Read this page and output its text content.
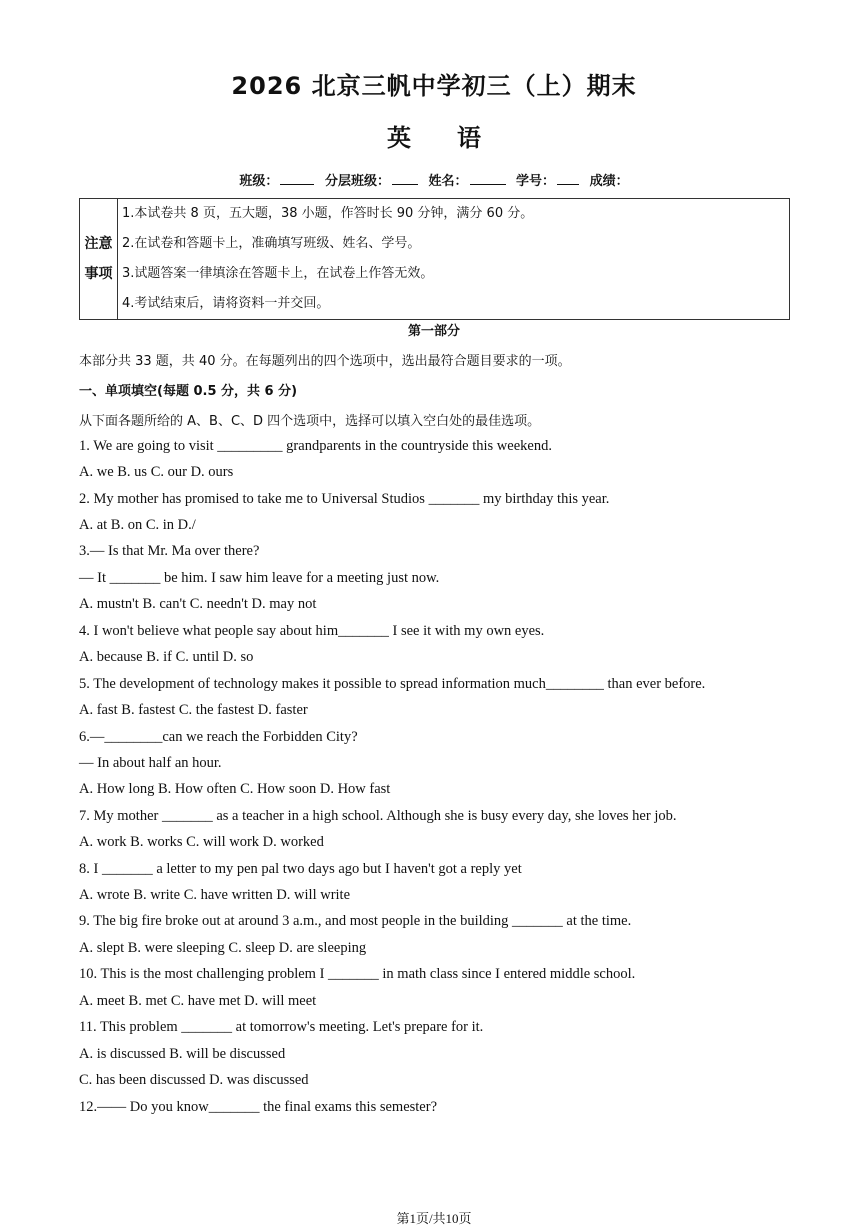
2026 北京三帆中学初三（上）期末
英语
班级：	分层班级：	姓名：	学号：	成绩：
注意
事项

1.本试卷共 8 页，五大题，38 小题，作答时长 90 分钟，满分 60 分。
2.在试卷和答题卡上，准确填写班级、姓名、学号。
3.试题答案一律填涂在答题卡上，在试卷上作答无效。
4.考试结束后，请将资料一并交回。
第一部分
本部分共 33 题，共 40 分。在每题列出的四个选项中，选出最符合题目要求的一项。
一、单项填空(每题 0.5 分，共 6 分)
从下面各题所给的 A、B、C、D 四个选项中，选择可以填入空白处的最佳选项。
1. We are going to visit _________ grandparents in the countryside this weekend.
A. we B. us C. our D. ours
2. My mother has promised to take me to Universal Studios _______ my birthday this year.
A. at B. on C. in D./
3.— Is that Mr. Ma over there?
— It _______ be him. I saw him leave for a meeting just now.
A. mustn't B. can't C. needn't D. may not
4. I won't believe what people say about him_______ I see it with my own eyes.
A. because B. if C. until D. so
5. The development of technology makes it possible to spread information much________ than ever before.
A. fast B. fastest C. the fastest D. faster
6.—________can we reach the Forbidden City?
— In about half an hour.
A. How long B. How often C. How soon D. How fast
7. My mother _______ as a teacher in a high school. Although she is busy every day, she loves her job.
A. work B. works C. will work D. worked
8. I _______ a letter to my pen pal two days ago but I haven't got a reply yet
A. wrote B. write C. have written D. will write
9. The big fire broke out at around 3 a.m., and most people in the building _______ at the time.
A. slept B. were sleeping C. sleep D. are sleeping
10. This is the most challenging problem I _______ in math class since I entered middle school.
A. meet B. met C. have met D. will meet
11. This problem _______ at tomorrow's meeting. Let's prepare for it.
A. is discussed B. will be discussed
C. has been discussed D. was discussed
12.—— Do you know_______ the final exams this semester?
第1页/共10页
